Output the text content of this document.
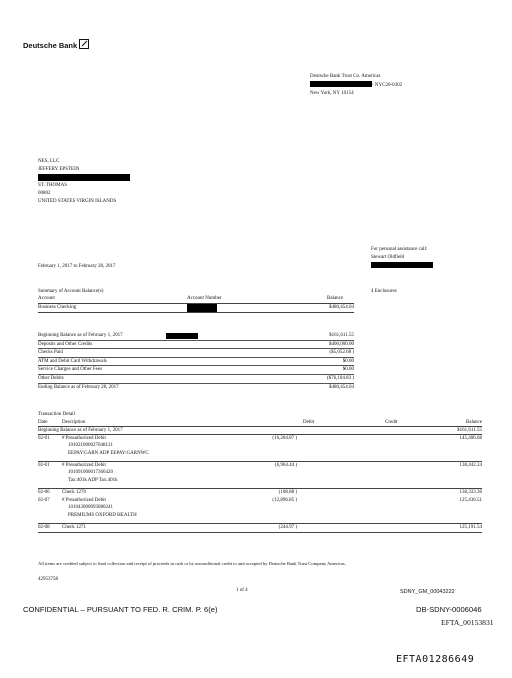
Deutsche Bank
Deutsche Bank Trust Co. Americas
- NYC20-0302
New York, NY 10154
NES, LLC
JEFFERY EPSTEIN
ST. THOMAS
00802
UNITED STATES VIRGIN ISLANDS
For personal assistance call:
Stewart Oldfield
February 1, 2017 to February 28, 2017
Summary of Account Balance(s)	4 Enclosures
Account	Account Number	Balance
Business Checking	$480,454.04
Beginning Balance as of February 1, 2017	$161,611.55
Deposits and Other Credits	$400,000.00
Checks Paid	($5,052.68 )
ATM and Debit Card Withdrawals	$0.00
Service Charges and Other Fees	$0.00
Other Debits	($76,104.83 )
Ending Balance as of February 28, 2017	$480,454.04
Transaction Detail
Date	Description	Debit	Credit	Balance
Beginning Balance as of February 1, 2017	$161,611.55
02-01 # Preauthorized Debit
10102100002704812​1
EEPAY:GARN ADP EEPAY:GARNWC
(16,204.87 )	145,406.68
02-01 # Preauthorized Debit
10109100001736642​0
Tax:401k ADP Tax:401k
(6,964.44 )	138,442.24
02-06 Check 1270	(108.88 )	138,333.36
02-07 # Preauthorized Debit
10104300009308024​1
PREMIUMS OXFORD HEALTH
(12,896.85 )	125,436.51
02-08 Check 1271	(244.97 )	125,191.54
All items are credited subject to final collection and receipt of proceeds in cash or by unconditional credit to and accepted by Deutsche Bank Trust Company Americas.
42953758
1 of 4	SDNY_GM_00043222
CONFIDENTIAL – PURSUANT TO FED. R. CRIM. P. 6(e)	DB-SDNY-0006046
EFTA_00153831
EFTA01286649
